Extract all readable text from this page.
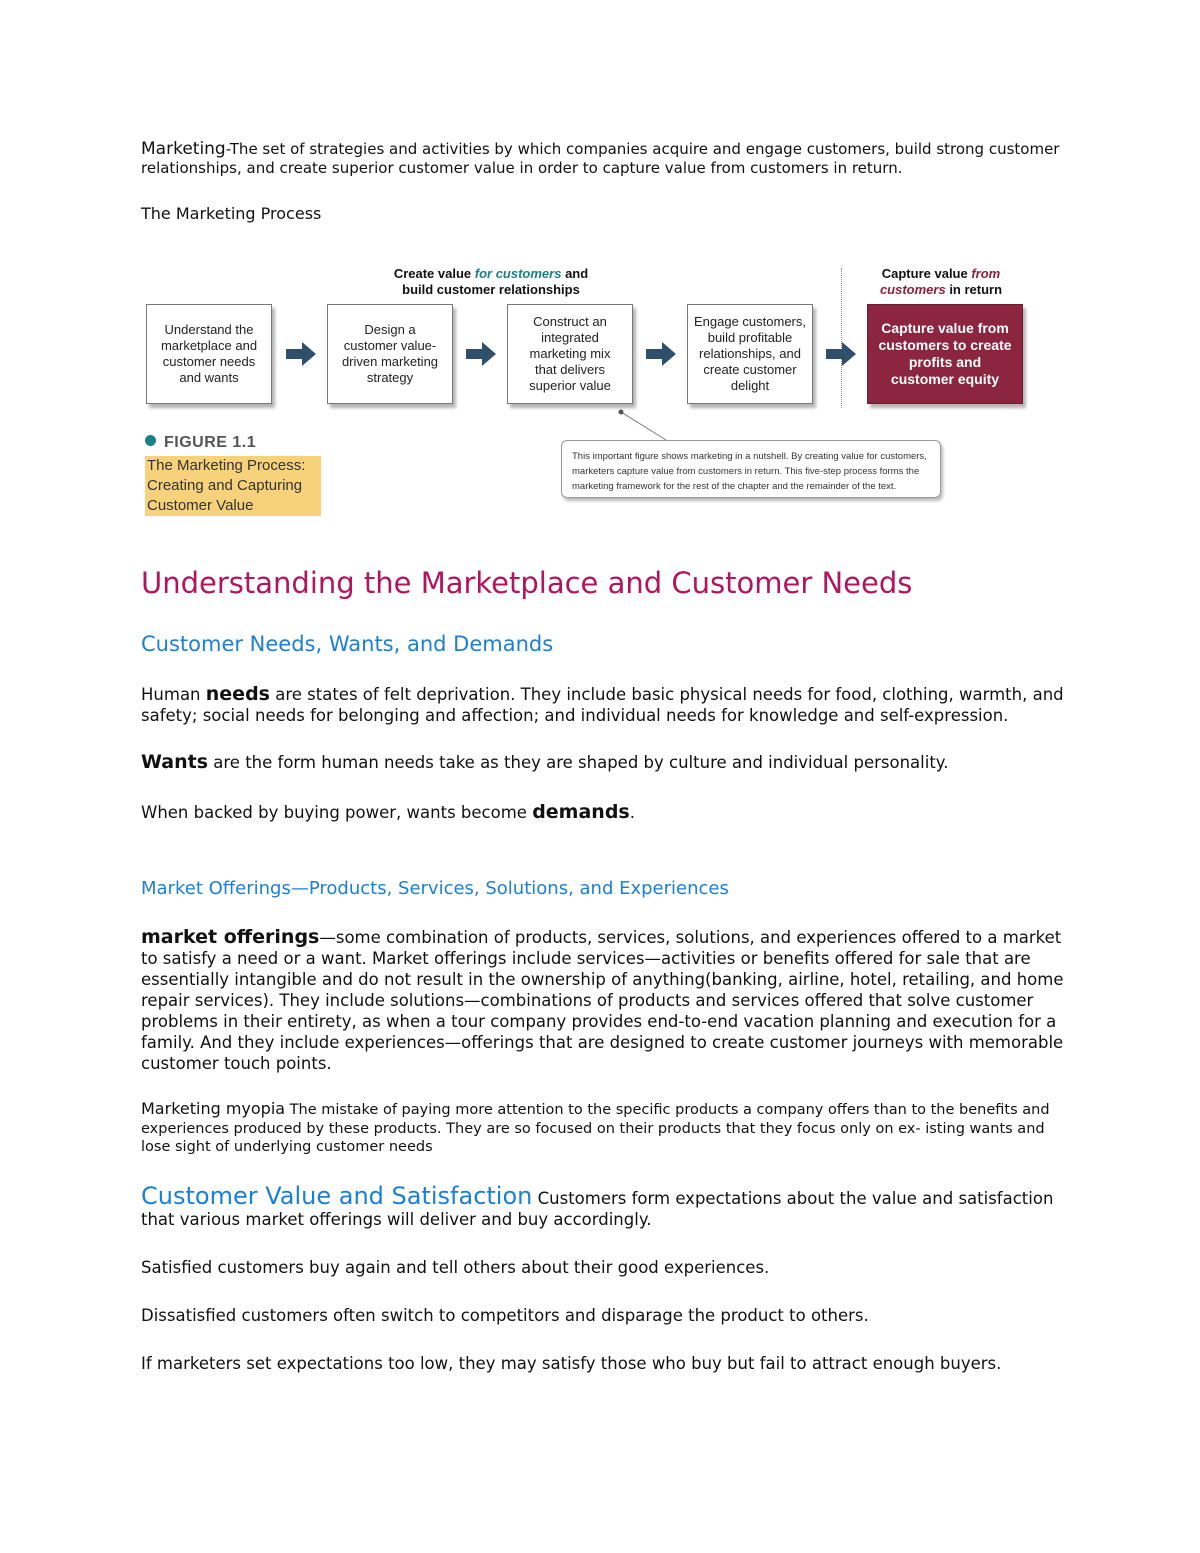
Marketing-The set of strategies and activities by which companies acquire and engage customers, build strong customer relationships, and create superior customer value in order to capture value from customers in return.

The Marketing Process

Create value for customers and
build customer relationships
Capture value from
customers in return
Understand the marketplace and customer needs and wants
Design a customer value-driven marketing strategy
Construct an integrated marketing mix that delivers superior value
Engage customers, build profitable relationships, and create customer delight
Capture value from customers to create profits and customer equity
FIGURE 1.1
The Marketing Process: Creating and Capturing Customer Value
This important figure shows marketing in a nutshell. By creating value for customers, marketers capture value from customers in return. This five-step process forms the marketing framework for the rest of the chapter and the remainder of the text.
Understanding the Marketplace and Customer Needs
Customer Needs, Wants, and Demands

Human needs are states of felt deprivation. They include basic physical needs for food, clothing, warmth, and safety; social needs for belonging and affection; and individual needs for knowledge and self-expression.

Wants are the form human needs take as they are shaped by culture and individual personality.

When backed by buying power, wants become demands.

Market Offerings—Products, Services, Solutions, and Experiences

market offerings—some combination of products, services, solutions, and experiences offered to a market to satisfy a need or a want. Market offerings include services—activities or benefits offered for sale that are essentially intangible and do not result in the ownership of anything(banking, airline, hotel, retailing, and home repair services). They include solutions—combinations of products and services offered that solve customer problems in their entirety, as when a tour company provides end-to-end vacation planning and execution for a family. And they include experiences—offerings that are designed to create customer journeys with memorable customer touch points.

Marketing myopia The mistake of paying more attention to the specific products a company offers than to the benefits and experiences produced by these products. They are so focused on their products that they focus only on ex- isting wants and lose sight of underlying customer needs

Customer Value and Satisfaction Customers form expectations about the value and satisfaction that various market offerings will deliver and buy accordingly.

Satisfied customers buy again and tell others about their good experiences.

Dissatisfied customers often switch to competitors and disparage the product to others.

If marketers set expectations too low, they may satisfy those who buy but fail to attract enough buyers.
